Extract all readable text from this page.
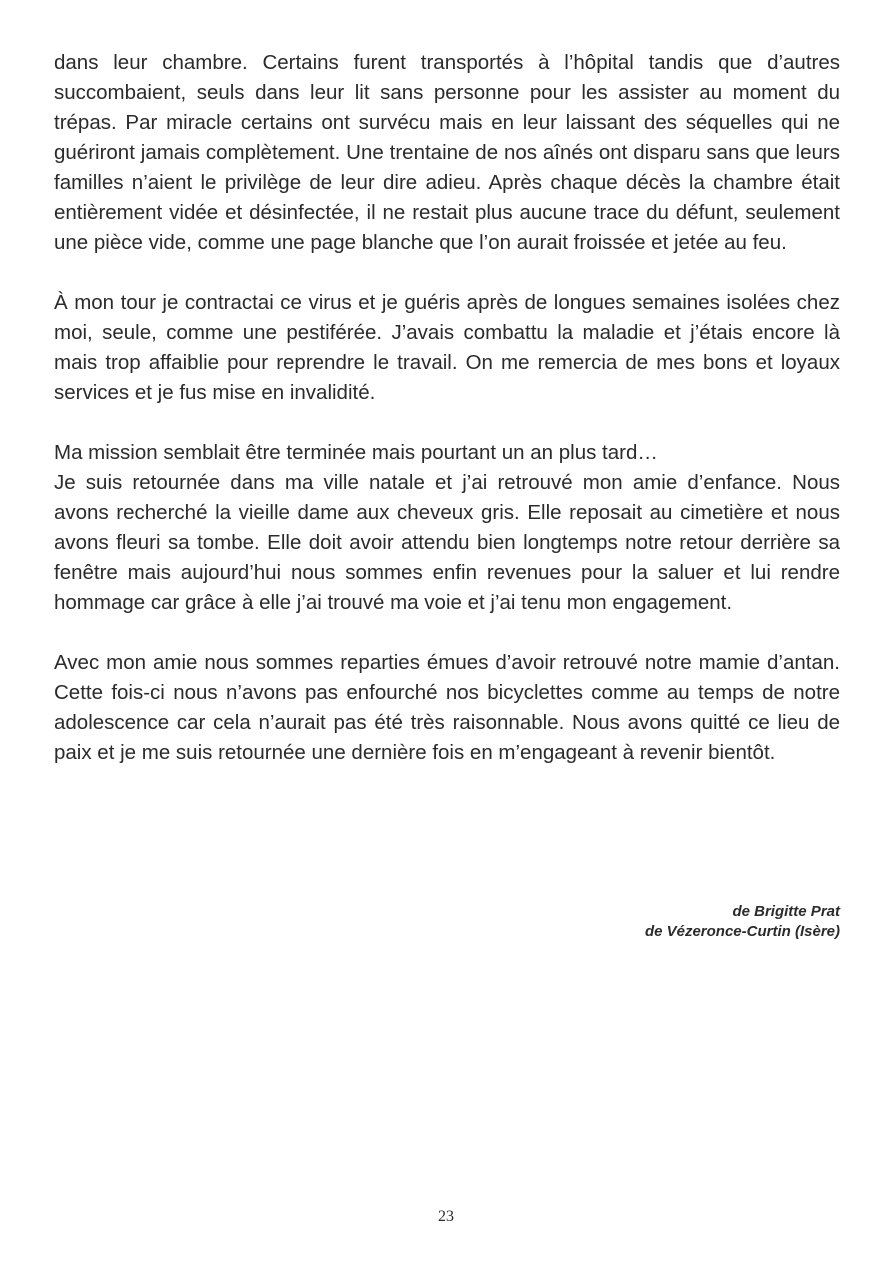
dans leur chambre. Certains furent transportés à l’hôpital tandis que d’autres succombaient, seuls dans leur lit sans personne pour les assister au moment du trépas. Par miracle certains ont survécu mais en leur laissant des séquelles qui ne guériront jamais complètement. Une trentaine de nos aînés ont disparu sans que leurs familles n’aient le privilège de leur dire adieu. Après chaque décès la chambre était entièrement vidée et désinfectée, il ne restait plus aucune trace du défunt, seulement une pièce vide, comme une page blanche que l’on aurait froissée et jetée au feu.

À mon tour je contractai ce virus et je guéris après de longues semaines isolées chez moi, seule, comme une pestiférée. J’avais combattu la maladie et j’étais encore là mais trop affaiblie pour reprendre le travail. On me remercia de mes bons et loyaux services et je fus mise en invalidité.

Ma mission semblait être terminée mais pourtant un an plus tard…

Je suis retournée dans ma ville natale et j’ai retrouvé mon amie d’enfance. Nous avons recherché la vieille dame aux cheveux gris. Elle reposait au cimetière et nous avons fleuri sa tombe. Elle doit avoir attendu bien longtemps notre retour derrière sa fenêtre mais aujourd’hui nous sommes enfin revenues pour la saluer et lui rendre hommage car grâce à elle j’ai trouvé ma voie et j’ai tenu mon engagement.

Avec mon amie nous sommes reparties émues d’avoir retrouvé notre mamie d’antan. Cette fois-ci nous n’avons pas enfourché nos bicyclettes comme au temps de notre adolescence car cela n’aurait pas été très raisonnable. Nous avons quitté ce lieu de paix et je me suis retournée une dernière fois en m’engageant à revenir bientôt.

de Brigitte Prat
de Vézeronce-Curtin (Isère)
23
